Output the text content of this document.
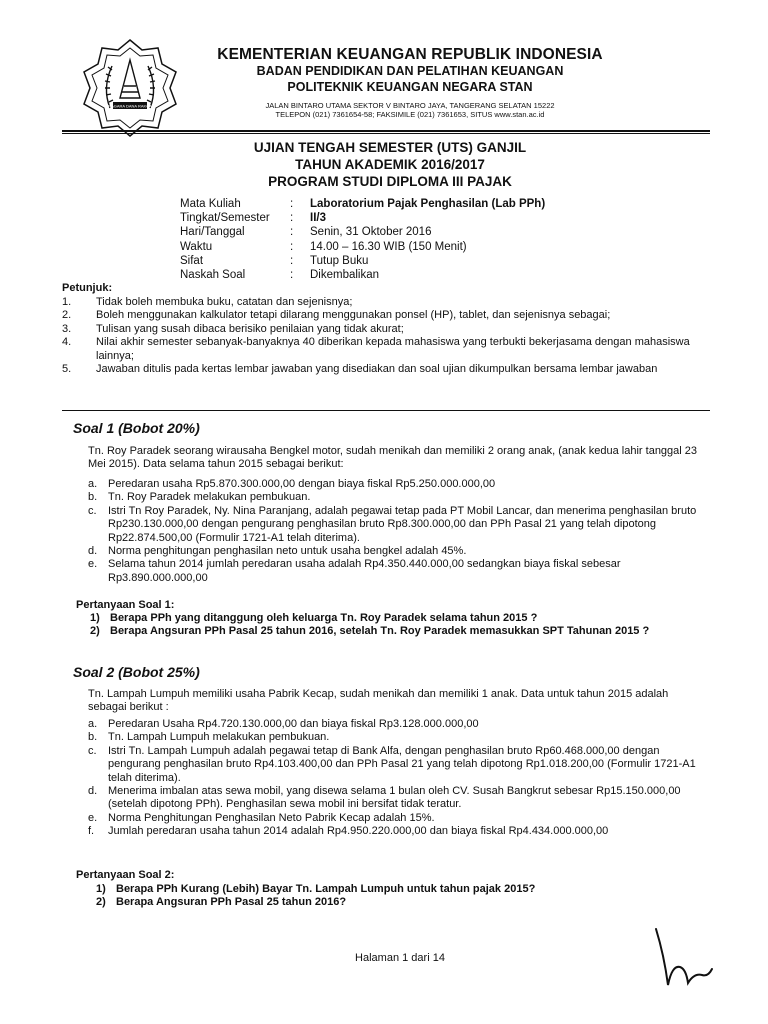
NAGARA DANA RAKCA
KEMENTERIAN KEUANGAN REPUBLIK INDONESIA
BADAN PENDIDIKAN DAN PELATIHAN KEUANGAN
POLITEKNIK KEUANGAN NEGARA STAN
JALAN BINTARO UTAMA SEKTOR V BINTARO JAYA, TANGERANG SELATAN 15222
TELEPON (021) 7361654-58; FAKSIMILE (021) 7361653, SITUS www.stan.ac.id
UJIAN TENGAH SEMESTER (UTS) GANJIL
TAHUN AKADEMIK 2016/2017
PROGRAM STUDI DIPLOMA III PAJAK
Mata Kuliah	:	Laboratorium Pajak Penghasilan (Lab PPh)
Tingkat/Semester	:	II/3
Hari/Tanggal	:	Senin, 31 Oktober 2016
Waktu	:	14.00 – 16.30 WIB (150 Menit)
Sifat	:	Tutup Buku
Naskah Soal	:	Dikembalikan
Petunjuk:
1.	Tidak boleh membuka buku, catatan dan sejenisnya;
2.	Boleh menggunakan kalkulator tetapi dilarang menggunakan ponsel (HP), tablet, dan sejenisnya sebagai;
3.	Tulisan yang susah dibaca berisiko penilaian yang tidak akurat;
4.	Nilai akhir semester sebanyak-banyaknya 40 diberikan kepada mahasiswa yang terbukti bekerjasama dengan mahasiswa lainnya;
5.	Jawaban ditulis pada kertas lembar jawaban yang disediakan dan soal ujian dikumpulkan bersama lembar jawaban
Soal 1 (Bobot 20%)
Tn. Roy Paradek seorang wirausaha Bengkel motor, sudah menikah dan memiliki 2 orang anak, (anak kedua lahir tanggal 23 Mei 2015). Data selama tahun 2015 sebagai berikut:
a. Peredaran usaha Rp5.870.300.000,00 dengan biaya fiskal Rp5.250.000.000,00
b. Tn. Roy Paradek melakukan pembukuan.
c.	Istri Tn Roy Paradek, Ny. Nina Paranjang, adalah pegawai tetap pada PT Mobil Lancar, dan menerima penghasilan bruto Rp230.130.000,00 dengan pengurang penghasilan bruto Rp8.300.000,00 dan PPh Pasal 21 yang telah dipotong Rp22.874.500,00 (Formulir 1721-A1 telah diterima).
d. Norma penghitungan penghasilan neto untuk usaha bengkel adalah 45%.
e. Selama tahun 2014 jumlah peredaran usaha adalah Rp4.350.440.000,00 sedangkan biaya fiskal sebesar Rp3.890.000.000,00
Pertanyaan Soal 1:
1) Berapa PPh yang ditanggung oleh keluarga Tn. Roy Paradek selama tahun 2015 ?
2) Berapa Angsuran PPh Pasal 25 tahun 2016, setelah Tn. Roy Paradek memasukkan SPT Tahunan 2015 ?
Soal 2 (Bobot 25%)
Tn. Lampah Lumpuh memiliki usaha Pabrik Kecap, sudah menikah dan memiliki 1 anak. Data untuk tahun 2015 adalah sebagai berikut :
a. Peredaran Usaha Rp4.720.130.000,00 dan biaya fiskal Rp3.128.000.000,00
b. Tn. Lampah Lumpuh melakukan pembukuan.
c.	Istri Tn. Lampah Lumpuh adalah pegawai tetap di Bank Alfa, dengan penghasilan bruto Rp60.468.000,00 dengan pengurang penghasilan bruto Rp4.103.400,00 dan PPh Pasal 21 yang telah dipotong Rp1.018.200,00 (Formulir 1721-A1 telah diterima).
d. Menerima imbalan atas sewa mobil, yang disewa selama 1 bulan oleh CV. Susah Bangkrut sebesar Rp15.150.000,00 (setelah dipotong PPh). Penghasilan sewa mobil ini bersifat tidak teratur.
e. Norma Penghitungan Penghasilan Neto Pabrik Kecap adalah 15%.
f.	Jumlah peredaran usaha tahun 2014 adalah Rp4.950.220.000,00 dan biaya fiskal Rp4.434.000.000,00
Pertanyaan Soal 2:
1) Berapa PPh Kurang (Lebih) Bayar Tn. Lampah Lumpuh untuk tahun pajak 2015?
2) Berapa Angsuran PPh Pasal 25 tahun 2016?
Halaman 1 dari 14
